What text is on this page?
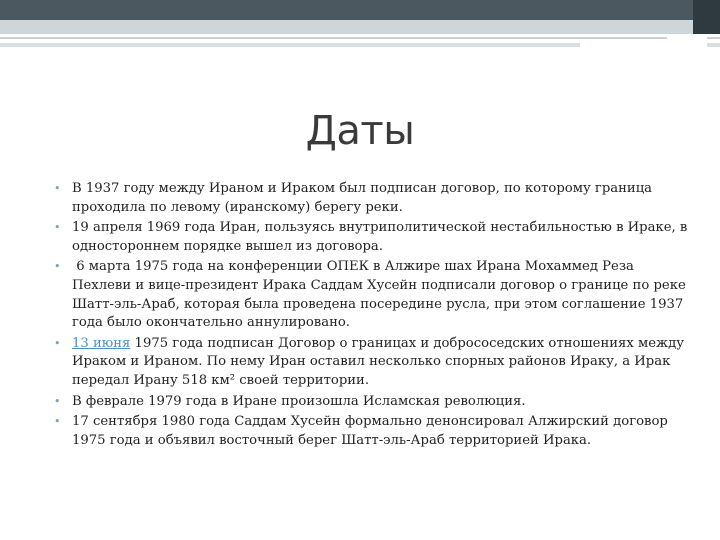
Даты
• В 1937 году между Ираном и Ираком был подписан договор, по которому граница проходила по левому (иранскому) берегу реки.
• 19 апреля 1969 года Иран, пользуясь внутриполитической нестабильностью в Ираке, в одностороннем порядке вышел из договора.
• 6 марта 1975 года на конференции ОПЕК в Алжире шах Ирана Мохаммед Реза Пехлеви и вице-президент Ирака Саддам Хусейн подписали договор о границе по реке Шатт-эль-Араб, которая была проведена посередине русла, при этом соглашение 1937 года было окончательно аннулировано.
• 13 июня 1975 года подписан Договор о границах и добрососедских отношениях между Ираком и Ираном. По нему Иран оставил несколько спорных районов Ираку, а Ирак передал Ирану 518 км² своей территории.
• В феврале 1979 года в Иране произошла Исламская революция.
• 17 сентября 1980 года Саддам Хусейн формально денонсировал Алжирский договор 1975 года и объявил восточный берег Шатт-эль-Араб территорией Ирака.
